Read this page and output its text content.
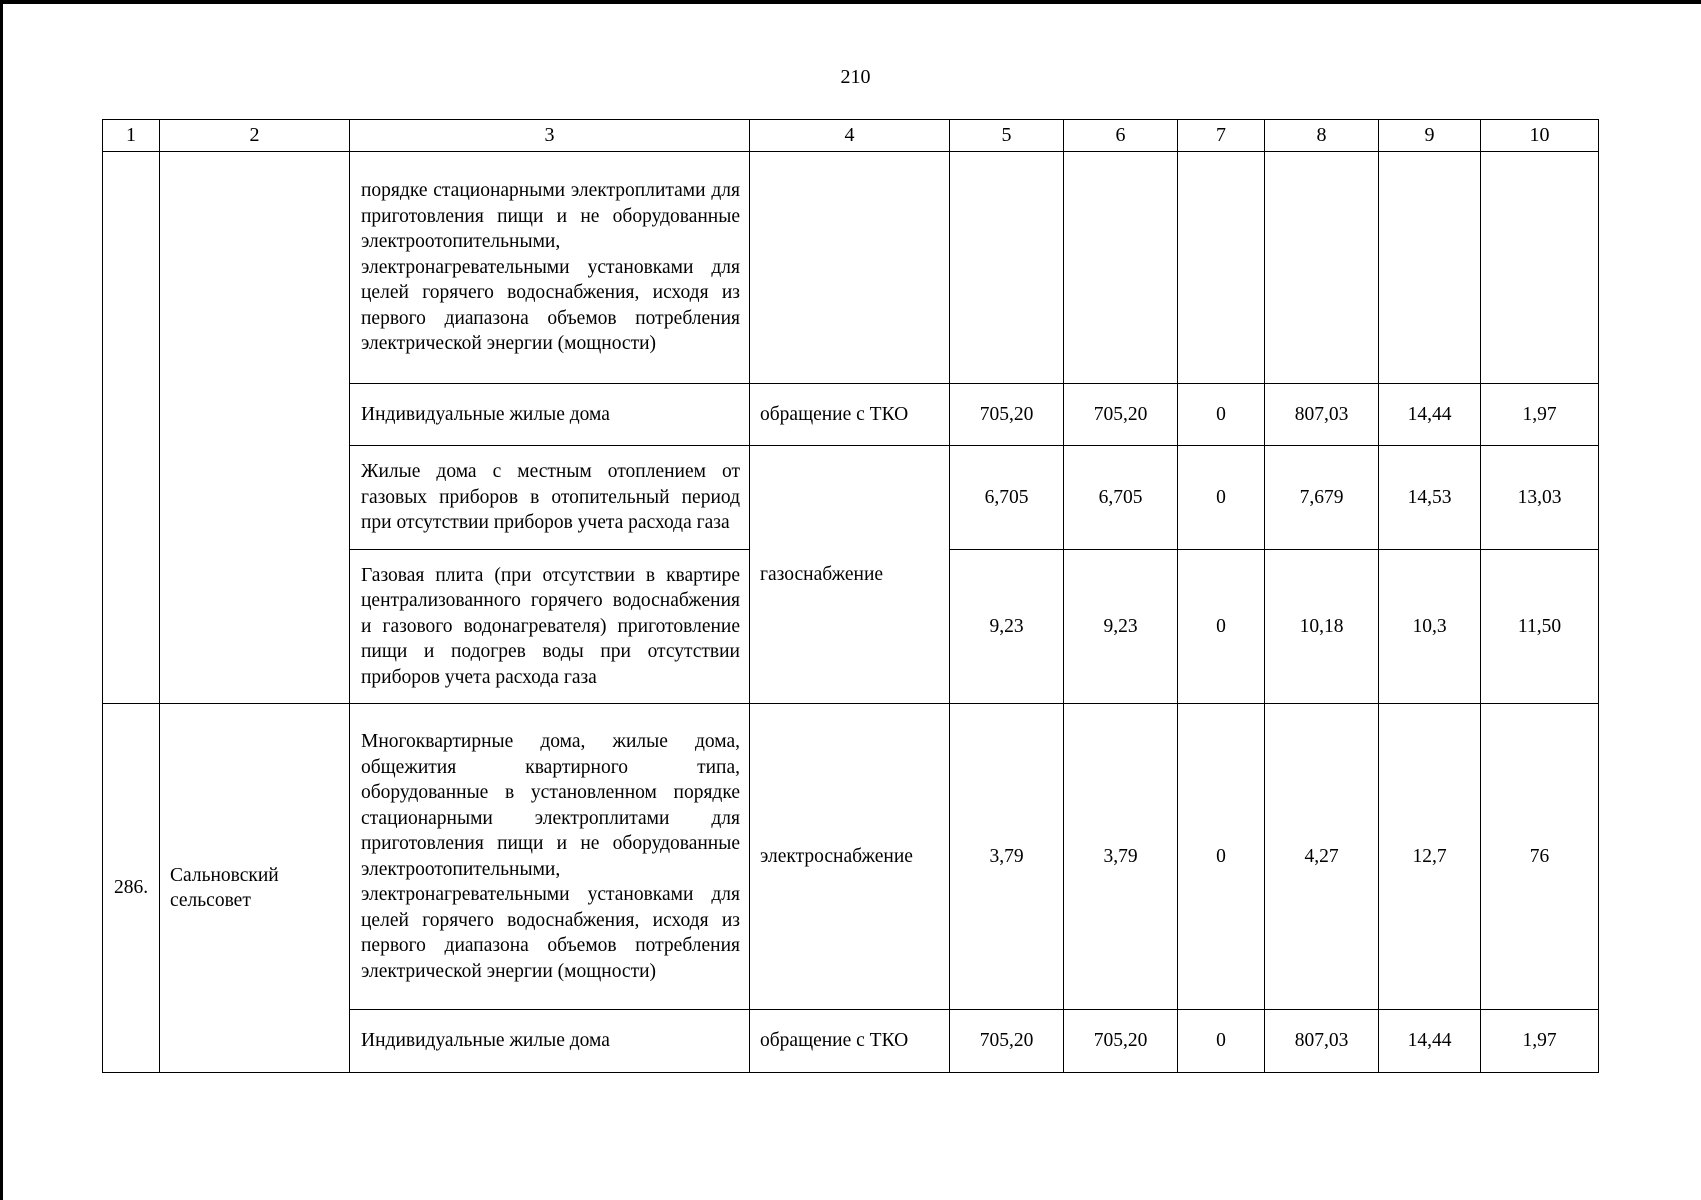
210
1	2	3	4	5	6	7	8	9	10

		порядке стационарными электроплитами для приготовления пищи и не оборудованные электроотопительными, электронагревательными установками для целей горячего водоснабжения, исходя из первого диапазона объемов потребления электрической энергии (мощности)							

		Индивидуальные жилые дома	обращение с ТКО	705,20	705,20	0	807,03	14,44	1,97

		Жилые дома с местным отоплением от газовых приборов в отопительный период при отсутствии приборов учета расхода газа	газоснабжение	6,705	6,705	0	7,679	14,53	13,03

		Газовая плита (при отсутствии в квартире централизованного горячего водоснабжения и газового водонагревателя) приготовление пищи и подогрев воды при отсутствии приборов учета расхода газа		9,23	9,23	0	10,18	10,3	11,50
286.	Сальновский сельсовет	Многоквартирные дома, жилые дома, общежития квартирного типа, оборудованные в установленном порядке стационарными электроплитами для приготовления пищи и не оборудованные электроотопительными, электронагревательными установками для целей горячего водоснабжения, исходя из первого диапазона объемов потребления электрической энергии (мощности)	электроснабжение	3,79	3,79	0	4,27	12,7	76

		Индивидуальные жилые дома	обращение с ТКО	705,20	705,20	0	807,03	14,44	1,97
